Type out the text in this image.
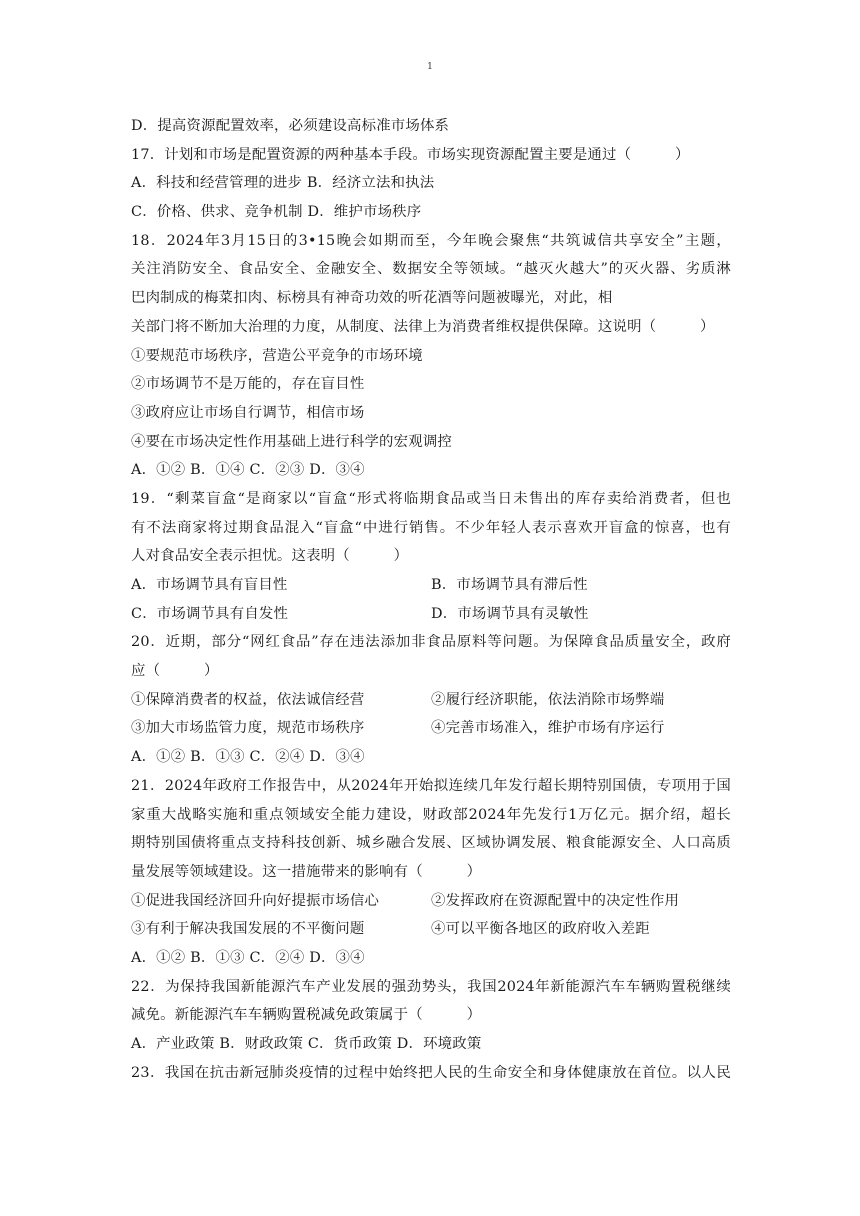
1
D．提高资源配置效率，必须建设高标准市场体系
17．计划和市场是配置资源的两种基本手段。市场实现资源配置主要是通过（　　　）
A．科技和经营管理的进步 B．经济立法和执法
C．价格、供求、竞争机制 D．维护市场秩序
18．2024年3月15日的3•15晚会如期而至，今年晚会聚焦“共筑诚信共享安全”主题，
关注消防安全、食品安全、金融安全、数据安全等领域。“越灭火越大”的灭火器、劣质淋
巴肉制成的梅菜扣肉、标榜具有神奇功效的听花酒等问题被曝光，对此，相
关部门将不断加大治理的力度，从制度、法律上为消费者维权提供保障。这说明（　　　）
①要规范市场秩序，营造公平竞争的市场环境
②市场调节不是万能的，存在盲目性
③政府应让市场自行调节，相信市场
④要在市场决定性作用基础上进行科学的宏观调控
A．①② B．①④ C．②③ D．③④
19．“剩菜盲盒“是商家以“盲盒“形式将临期食品或当日未售出的库存卖给消费者，但也
有不法商家将过期食品混入“盲盒“中进行销售。不少年轻人表示喜欢开盲盒的惊喜，也有
人对食品安全表示担忧。这表明（　　　）
A．市场调节具有盲目性	B．市场调节具有滞后性
C．市场调节具有自发性	D．市场调节具有灵敏性
20．近期，部分“网红食品”存在违法添加非食品原料等问题。为保障食品质量安全，政府
应（　　　）
①保障消费者的权益，依法诚信经营	②履行经济职能，依法消除市场弊端
③加大市场监管力度，规范市场秩序	④完善市场准入，维护市场有序运行
A．①② B．①③ C．②④ D．③④
21．2024年政府工作报告中，从2024年开始拟连续几年发行超长期特别国债，专项用于国
家重大战略实施和重点领域安全能力建设，财政部2024年先发行1万亿元。据介绍，超长
期特别国债将重点支持科技创新、城乡融合发展、区域协调发展、粮食能源安全、人口高质
量发展等领域建设。这一措施带来的影响有（　　　）
①促进我国经济回升向好提振市场信心	②发挥政府在资源配置中的决定性作用
③有利于解决我国发展的不平衡问题	④可以平衡各地区的政府收入差距
A．①② B．①③ C．②④ D．③④
22．为保持我国新能源汽车产业发展的强劲势头，我国2024年新能源汽车车辆购置税继续
减免。新能源汽车车辆购置税减免政策属于（　　　）
A．产业政策 B．财政政策 C．货币政策 D．环境政策
23．我国在抗击新冠肺炎疫情的过程中始终把人民的生命安全和身体健康放在首位。以人民
